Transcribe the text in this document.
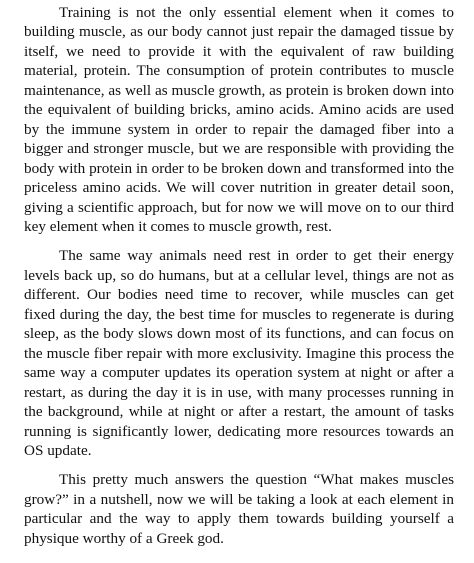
Training is not the only essential element when it comes to building muscle, as our body cannot just repair the damaged tissue by itself, we need to provide it with the equivalent of raw building material, protein. The consumption of protein contributes to muscle maintenance, as well as muscle growth, as protein is broken down into the equivalent of building bricks, amino acids. Amino acids are used by the immune system in order to repair the damaged fiber into a bigger and stronger muscle, but we are responsible with providing the body with protein in order to be broken down and transformed into the priceless amino acids. We will cover nutrition in greater detail soon, giving a scientific approach, but for now we will move on to our third key element when it comes to muscle growth, rest.

The same way animals need rest in order to get their energy levels back up, so do humans, but at a cellular level, things are not as different. Our bodies need time to recover, while muscles can get fixed during the day, the best time for muscles to regenerate is during sleep, as the body slows down most of its functions, and can focus on the muscle fiber repair with more exclusivity. Imagine this process the same way a computer updates its operation system at night or after a restart, as during the day it is in use, with many processes running in the background, while at night or after a restart, the amount of tasks running is significantly lower, dedicating more resources towards an OS update.

This pretty much answers the question “What makes muscles grow?” in a nutshell, now we will be taking a look at each element in particular and the way to apply them towards building yourself a physique worthy of a Greek god.
